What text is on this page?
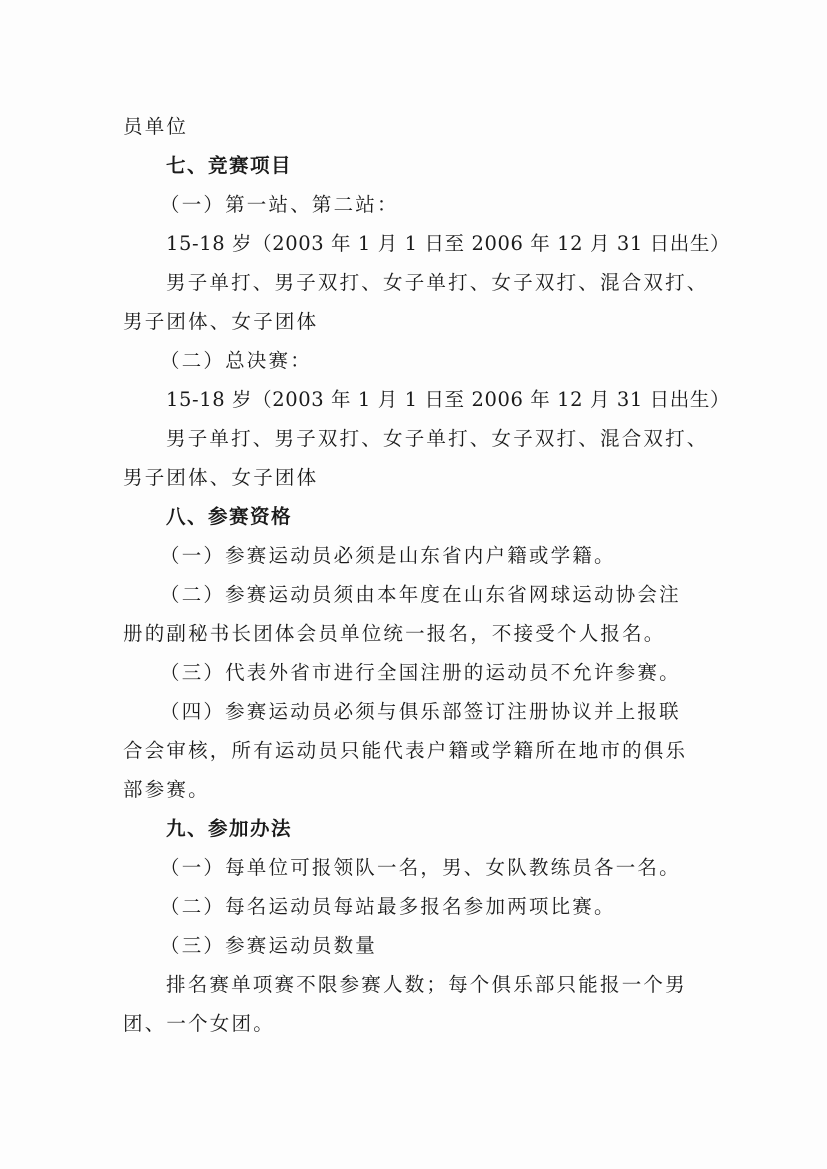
员单位
七、竞赛项目
（一）第一站、第二站：
15-18 岁（2003 年 1 月 1 日至 2006 年 12 月 31 日出生）
男子单打、男子双打、女子单打、女子双打、混合双打、
男子团体、女子团体
（二）总决赛：
15-18 岁（2003 年 1 月 1 日至 2006 年 12 月 31 日出生）
男子单打、男子双打、女子单打、女子双打、混合双打、
男子团体、女子团体
八、参赛资格
（一）参赛运动员必须是山东省内户籍或学籍。
（二）参赛运动员须由本年度在山东省网球运动协会注
册的副秘书长团体会员单位统一报名，不接受个人报名。
（三）代表外省市进行全国注册的运动员不允许参赛。
（四）参赛运动员必须与俱乐部签订注册协议并上报联
合会审核，所有运动员只能代表户籍或学籍所在地市的俱乐
部参赛。
九、参加办法
（一）每单位可报领队一名，男、女队教练员各一名。
（二）每名运动员每站最多报名参加两项比赛。
（三）参赛运动员数量
排名赛单项赛不限参赛人数；每个俱乐部只能报一个男
团、一个女团。
